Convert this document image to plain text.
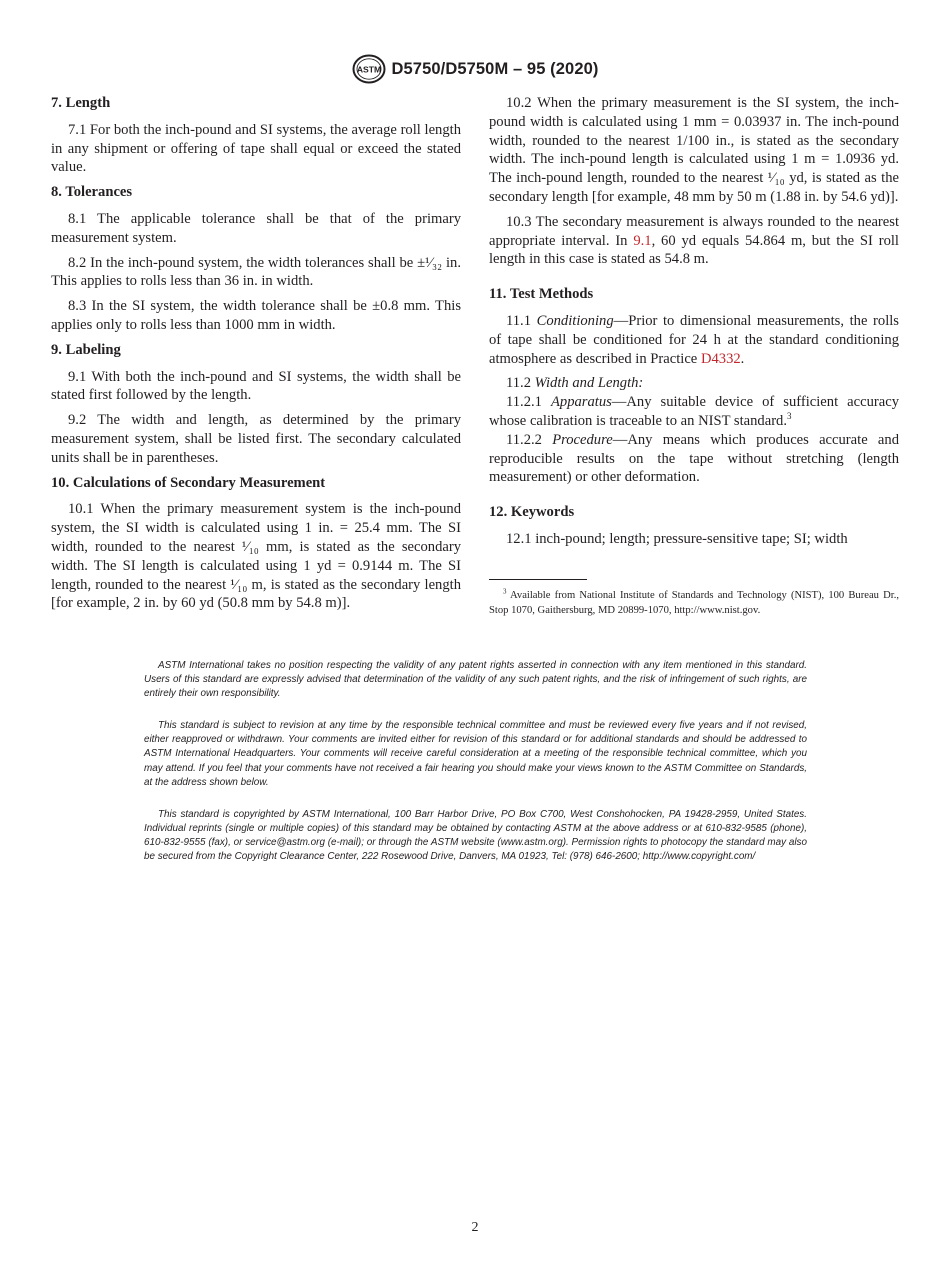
ASTM D5750/D5750M – 95 (2020)
7. Length

7.1 For both the inch-pound and SI systems, the average roll length in any shipment or offering of tape shall equal or exceed the stated value.

8. Tolerances

8.1 The applicable tolerance shall be that of the primary measurement system.

8.2 In the inch-pound system, the width tolerances shall be ±¹⁄₃₂ in. This applies to rolls less than 36 in. in width.

8.3 In the SI system, the width tolerance shall be ±0.8 mm. This applies only to rolls less than 1000 mm in width.

9. Labeling

9.1 With both the inch-pound and SI systems, the width shall be stated first followed by the length.

9.2 The width and length, as determined by the primary measurement system, shall be listed first. The secondary calculated units shall be in parentheses.

10. Calculations of Secondary Measurement

10.1 When the primary measurement system is the inch-pound system, the SI width is calculated using 1 in. = 25.4 mm. The SI width, rounded to the nearest ¹⁄₁₀ mm, is stated as the secondary width. The SI length is calculated using 1 yd = 0.9144 m. The SI length, rounded to the nearest ¹⁄₁₀ m, is stated as the secondary length [for example, 2 in. by 60 yd (50.8 mm by 54.8 m)].

10.2 When the primary measurement is the SI system, the inch-pound width is calculated using 1 mm = 0.03937 in. The inch-pound width, rounded to the nearest 1/100 in., is stated as the secondary width. The inch-pound length is calculated using 1 m = 1.0936 yd. The inch-pound length, rounded to the nearest ¹⁄₁₀ yd, is stated as the secondary length [for example, 48 mm by 50 m (1.88 in. by 54.6 yd)].

10.3 The secondary measurement is always rounded to the nearest appropriate interval. In 9.1, 60 yd equals 54.864 m, but the SI roll length in this case is stated as 54.8 m.

11. Test Methods

11.1 Conditioning—Prior to dimensional measurements, the rolls of tape shall be conditioned for 24 h at the standard conditioning atmosphere as described in Practice D4332.

11.2 Width and Length:

11.2.1 Apparatus—Any suitable device of sufficient accuracy whose calibration is traceable to an NIST standard.$^3$

11.2.2 Procedure—Any means which produces accurate and reproducible results on the tape without stretching (length measurement) or other deformation.

12. Keywords

12.1 inch-pound; length; pressure-sensitive tape; SI; width

$^3$ Available from National Institute of Standards and Technology (NIST), 100 Bureau Dr., Stop 1070, Gaithersburg, MD 20899-1070, http://www.nist.gov.

ASTM International takes no position respecting the validity of any patent rights asserted in connection with any item mentioned in this standard. Users of this standard are expressly advised that determination of the validity of any such patent rights, and the risk of infringement of such rights, are entirely their own responsibility.

This standard is subject to revision at any time by the responsible technical committee and must be reviewed every five years and if not revised, either reapproved or withdrawn. Your comments are invited either for revision of this standard or for additional standards and should be addressed to ASTM International Headquarters. Your comments will receive careful consideration at a meeting of the responsible technical committee, which you may attend. If you feel that your comments have not received a fair hearing you should make your views known to the ASTM Committee on Standards, at the address shown below.

This standard is copyrighted by ASTM International, 100 Barr Harbor Drive, PO Box C700, West Conshohocken, PA 19428-2959, United States. Individual reprints (single or multiple copies) of this standard may be obtained by contacting ASTM at the above address or at 610-832-9585 (phone), 610-832-9555 (fax), or service@astm.org (e-mail); or through the ASTM website (www.astm.org). Permission rights to photocopy the standard may also be secured from the Copyright Clearance Center, 222 Rosewood Drive, Danvers, MA 01923, Tel: (978) 646-2600; http://www.copyright.com/

2
